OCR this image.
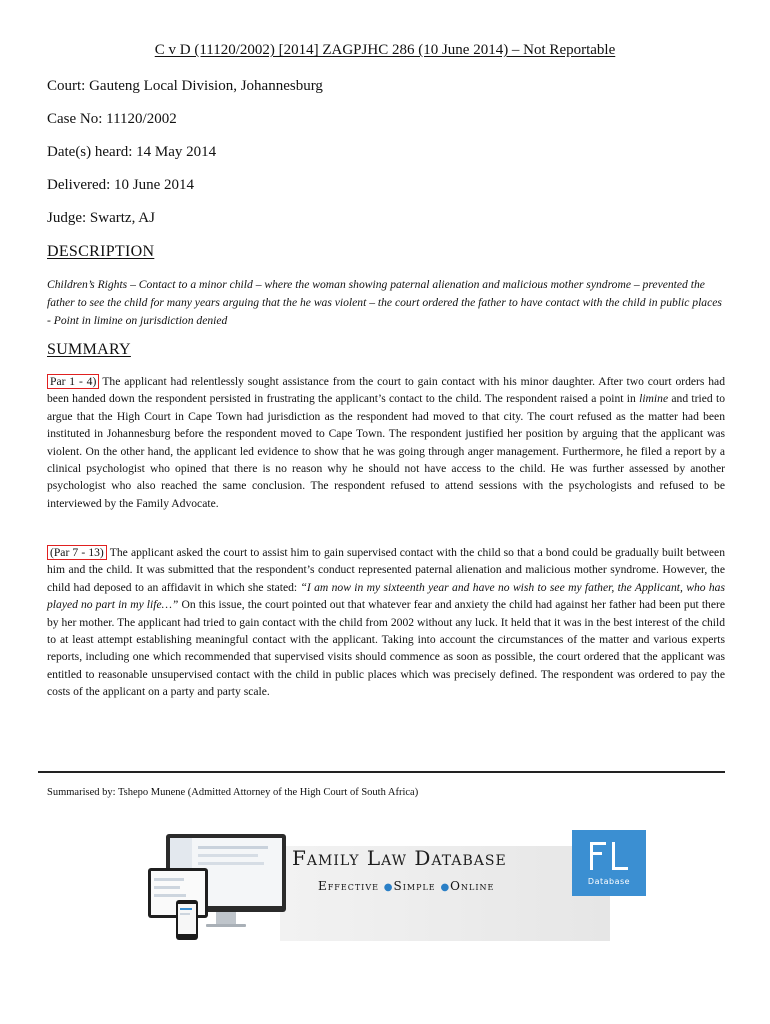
C v D (11120/2002) [2014] ZAGPJHC 286 (10 June 2014) – Not Reportable
Court: Gauteng Local Division, Johannesburg
Case No: 11120/2002
Date(s) heard: 14 May 2014
Delivered: 10 June 2014
Judge: Swartz, AJ
DESCRIPTION
Children’s Rights – Contact to a minor child – where the woman showing paternal alienation and malicious mother syndrome – prevented the father to see the child for many years arguing that the he was violent – the court ordered the father to have contact with the child in public places - Point in limine on jurisdiction denied
SUMMARY
Par 1 - 4) The applicant had relentlessly sought assistance from the court to gain contact with his minor daughter. After two court orders had been handed down the respondent persisted in frustrating the applicant’s contact to the child. The respondent raised a point in limine and tried to argue that the High Court in Cape Town had jurisdiction as the respondent had moved to that city. The court refused as the matter had been instituted in Johannesburg before the respondent moved to Cape Town. The respondent justified her position by arguing that the applicant was violent. On the other hand, the applicant led evidence to show that he was going through anger management. Furthermore, he filed a report by a clinical psychologist who opined that there is no reason why he should not have access to the child. He was further assessed by another psychologist who also reached the same conclusion. The respondent refused to attend sessions with the psychologists and refused to be interviewed by the Family Advocate.
(Par 7 - 13) The applicant asked the court to assist him to gain supervised contact with the child so that a bond could be gradually built between him and the child. It was submitted that the respondent’s conduct represented paternal alienation and malicious mother syndrome. However, the child had deposed to an affidavit in which she stated: “I am now in my sixteenth year and have no wish to see my father, the Applicant, who has played no part in my life…” On this issue, the court pointed out that whatever fear and anxiety the child had against her father had been put there by her mother. The applicant had tried to gain contact with the child from 2002 without any luck. It held that it was in the best interest of the child to at least attempt establishing meaningful contact with the applicant. Taking into account the circumstances of the matter and various experts reports, including one which recommended that supervised visits should commence as soon as possible, the court ordered that the applicant was entitled to reasonable unsupervised contact with the child in public places which was precisely defined. The respondent was ordered to pay the costs of the applicant on a party and party scale.
Summarised by: Tshepo Munene (Admitted Attorney of the High Court of South Africa)
Family Law Database
Effective ●Simple ●Online	Database
